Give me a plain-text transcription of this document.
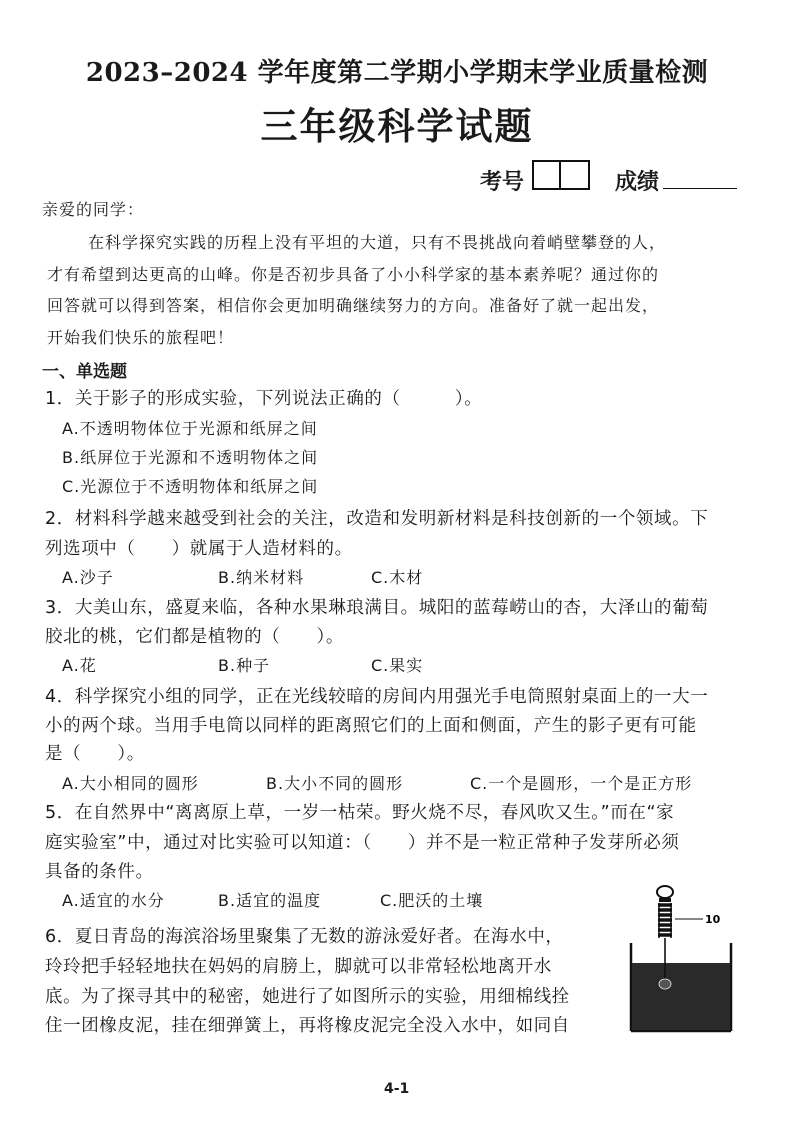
2023–2024 学年度第二学期小学期末学业质量检测
三年级科学试题
考号	成绩
亲爱的同学：
在科学探究实践的历程上没有平坦的大道，只有不畏挑战向着峭壁攀登的人，
才有希望到达更高的山峰。你是否初步具备了小小科学家的基本素养呢？通过你的
回答就可以得到答案，相信你会更加明确继续努力的方向。准备好了就一起出发，
开始我们快乐的旅程吧！
一、单选题
1．关于影子的形成实验，下列说法正确的（　　　）。
A.不透明物体位于光源和纸屏之间
B.纸屏位于光源和不透明物体之间
C.光源位于不透明物体和纸屏之间
2．材料科学越来越受到社会的关注，改造和发明新材料是科技创新的一个领域。下
列选项中（　　）就属于人造材料的。
A.沙子	B.纳米材料	C.木材
3．大美山东，盛夏来临，各种水果琳琅满目。城阳的蓝莓崂山的杏，大泽山的葡萄
胶北的桃，它们都是植物的（　　）。
A.花	B.种子	C.果实
4．科学探究小组的同学，正在光线较暗的房间内用强光手电筒照射桌面上的一大一
小的两个球。当用手电筒以同样的距离照它们的上面和侧面，产生的影子更有可能
是（　　）。
A.大小相同的圆形	B.大小不同的圆形	C.一个是圆形，一个是正方形
5．在自然界中“离离原上草，一岁一枯荣。野火烧不尽，春风吹又生。”而在“家
庭实验室”中，通过对比实验可以知道：（　　）并不是一粒正常种子发芽所必须
具备的条件。
A.适宜的水分	B.适宜的温度	C.肥沃的土壤
6．夏日青岛的海滨浴场里聚集了无数的游泳爱好者。在海水中，
玲玲把手轻轻地扶在妈妈的肩膀上，脚就可以非常轻松地离开水
底。为了探寻其中的秘密，她进行了如图所示的实验，用细棉线拴
住一团橡皮泥，挂在细弹簧上，再将橡皮泥完全没入水中，如同自
10
4-1
